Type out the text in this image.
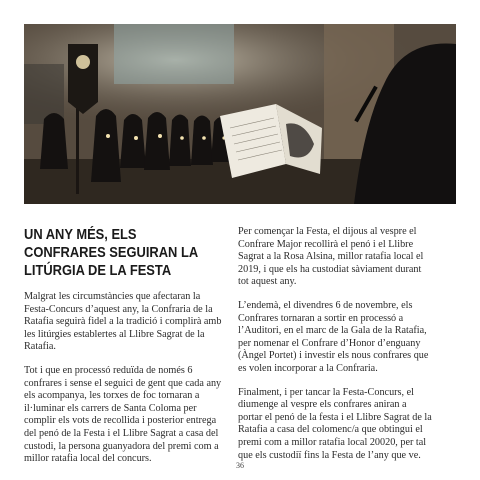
UN ANY MÉS, ELS CONFRARES SEGUIRAN LA LITÚRGIA DE LA FESTA

Malgrat les circumstàncies que afectaran la Festa-Concurs d’aquest any, la Confraria de la Ratafia seguirà fidel a la tradició i complirà amb les litúrgies establertes al Llibre Sagrat de la Ratafia.

Tot i que en processó reduïda de només 6 confrares i sense el seguici de gent que cada any els acompanya, les torxes de foc tornaran a il·luminar els carrers de Santa Coloma per complir els vots de recollida i posterior entrega del penó de la Festa i el Llibre Sagrat a casa del custodi, la persona guanyadora del premi com a millor ratafia local del concurs.

Per començar la Festa, el dijous al vespre el Confrare Major recollirà el penó i el Llibre Sagrat a la Rosa Alsina, millor ratafia local el 2019, i que els ha custodiat sàviament durant tot aquest any.

L’endemà, el divendres 6 de novembre, els Confrares tornaran a sortir en processó a l’Auditori, en el marc de la Gala de la Ratafia, per nomenar el Confrare d’Honor d’enguany (Àngel Portet) i investir els nous confrares que es volen incorporar a la Confraria.

Finalment, i per tancar la Festa-Concurs, el diumenge al vespre els confrares aniran a portar el penó de la festa i el Llibre Sagrat de la Ratafia a casa del colomenc/a que obtingui el premi com a millor ratafia local 20020, per tal que els custodiï fins la Festa de l’any que ve.

36
